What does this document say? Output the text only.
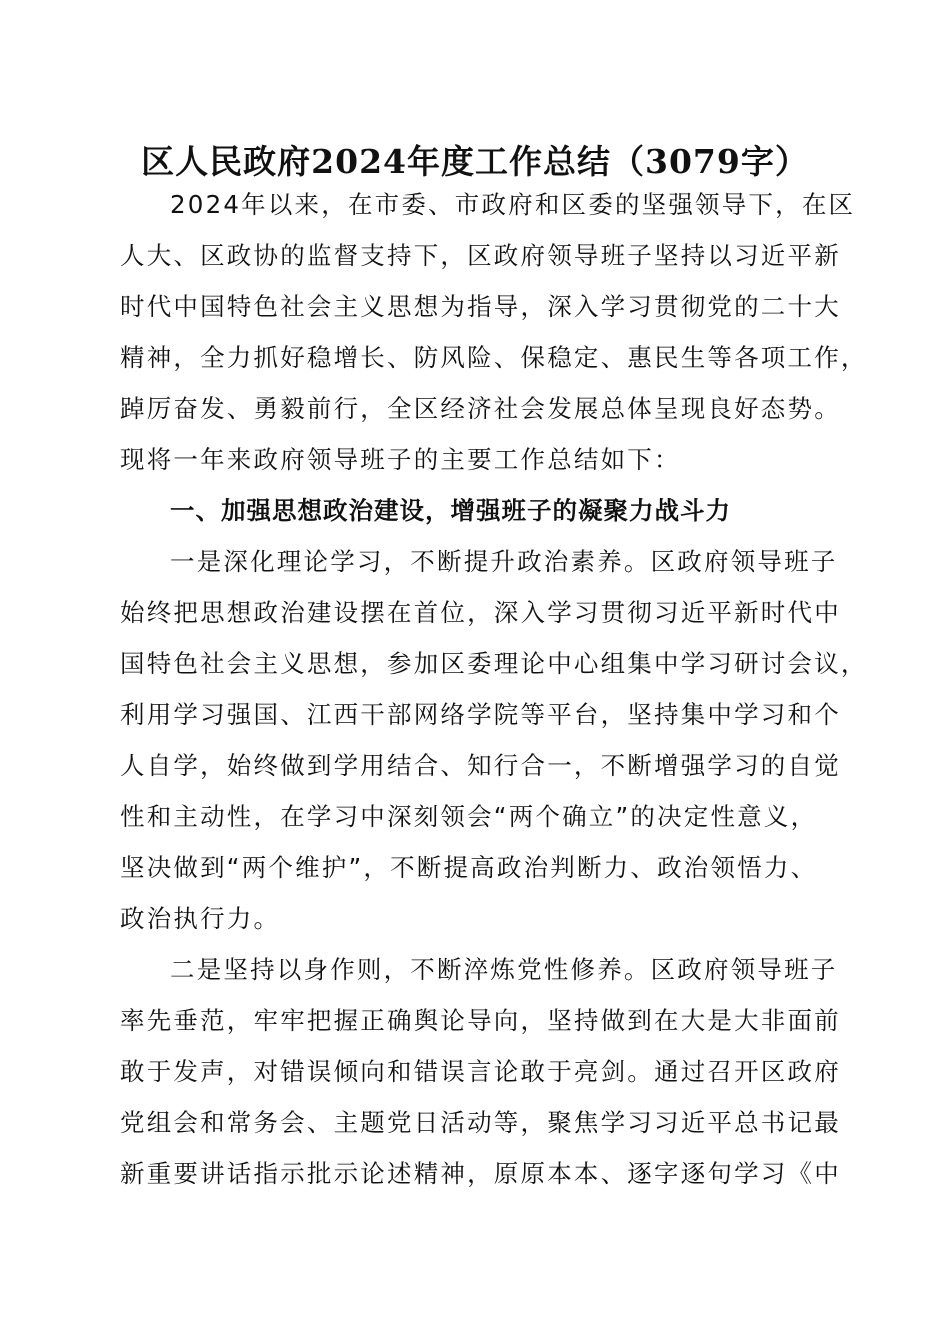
区人民政府2024年度工作总结（3079字）
2024年以来，在市委、市政府和区委的坚强领导下，在区
人大、区政协的监督支持下，区政府领导班子坚持以习近平新
时代中国特色社会主义思想为指导，深入学习贯彻党的二十大
精神，全力抓好稳增长、防风险、保稳定、惠民生等各项工作，
踔厉奋发、勇毅前行，全区经济社会发展总体呈现良好态势。
现将一年来政府领导班子的主要工作总结如下：
一、加强思想政治建设，增强班子的凝聚力战斗力
一是深化理论学习，不断提升政治素养。区政府领导班子
始终把思想政治建设摆在首位，深入学习贯彻习近平新时代中
国特色社会主义思想，参加区委理论中心组集中学习研讨会议，
利用学习强国、江西干部网络学院等平台，坚持集中学习和个
人自学，始终做到学用结合、知行合一，不断增强学习的自觉
性和主动性，在学习中深刻领会“两个确立”的决定性意义，
坚决做到“两个维护”，不断提高政治判断力、政治领悟力、
政治执行力。
二是坚持以身作则，不断淬炼党性修养。区政府领导班子
率先垂范，牢牢把握正确舆论导向，坚持做到在大是大非面前
敢于发声，对错误倾向和错误言论敢于亮剑。通过召开区政府
党组会和常务会、主题党日活动等，聚焦学习习近平总书记最
新重要讲话指示批示论述精神，原原本本、逐字逐句学习《中
